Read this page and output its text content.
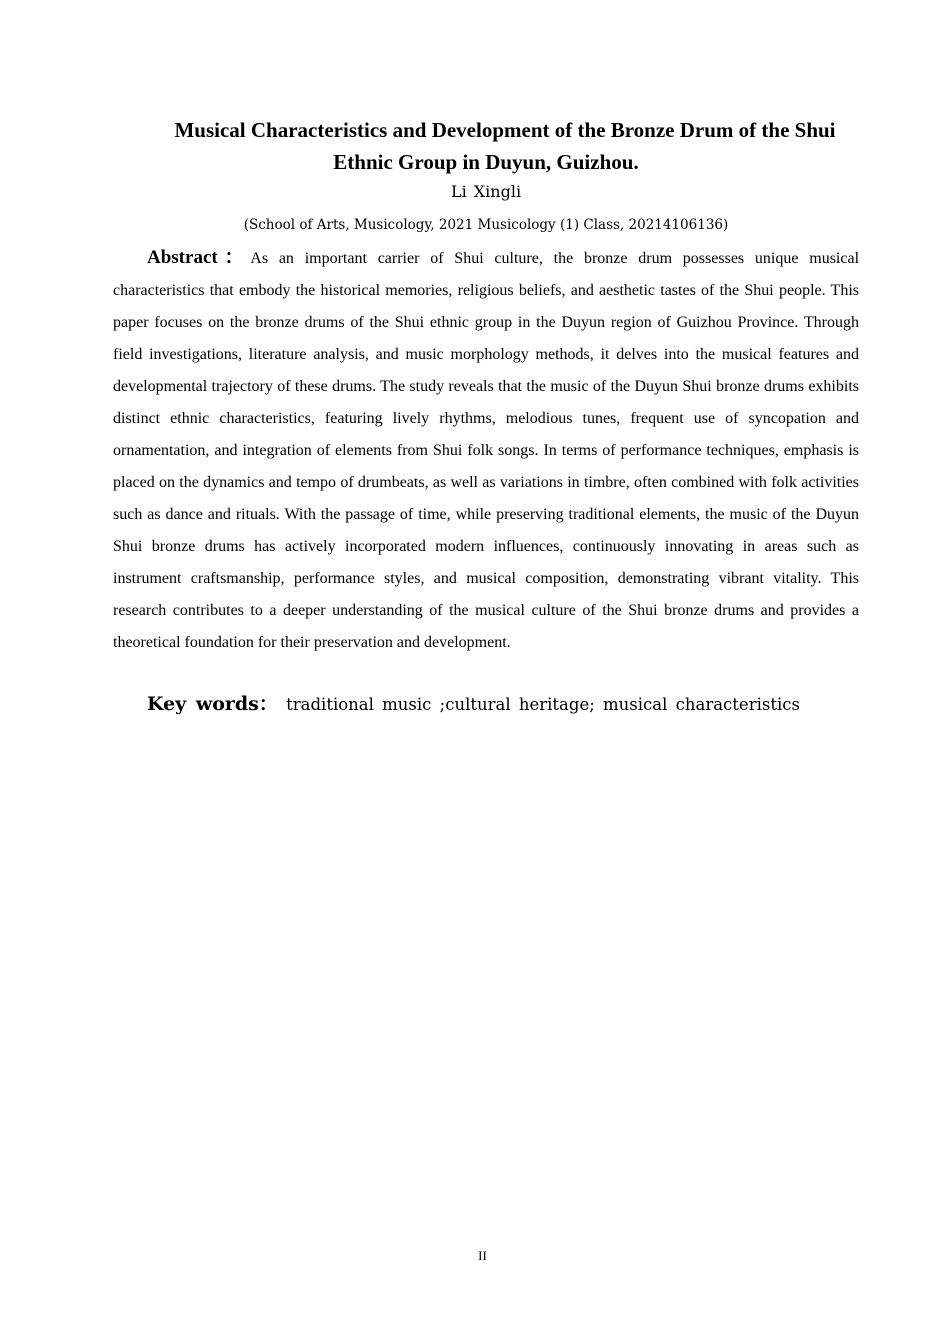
Musical Characteristics and Development of the Bronze Drum of the Shui Ethnic Group in Duyun, Guizhou.
Li Xingli
(School of Arts, Musicology, 2021 Musicology (1) Class, 20214106136)

Abstract：As an important carrier of Shui culture, the bronze drum possesses unique musical characteristics that embody the historical memories, religious beliefs, and aesthetic tastes of the Shui people. This paper focuses on the bronze drums of the Shui ethnic group in the Duyun region of Guizhou Province. Through field investigations, literature analysis, and music morphology methods, it delves into the musical features and developmental trajectory of these drums. The study reveals that the music of the Duyun Shui bronze drums exhibits distinct ethnic characteristics, featuring lively rhythms, melodious tunes, frequent use of syncopation and ornamentation, and integration of elements from Shui folk songs. In terms of performance techniques, emphasis is placed on the dynamics and tempo of drumbeats, as well as variations in timbre, often combined with folk activities such as dance and rituals. With the passage of time, while preserving traditional elements, the music of the Duyun Shui bronze drums has actively incorporated modern influences, continuously innovating in areas such as instrument craftsmanship, performance styles, and musical composition, demonstrating vibrant vitality. This research contributes to a deeper understanding of the musical culture of the Shui bronze drums and provides a theoretical foundation for their preservation and development.

Key words： traditional music ;cultural heritage; musical characteristics
II
